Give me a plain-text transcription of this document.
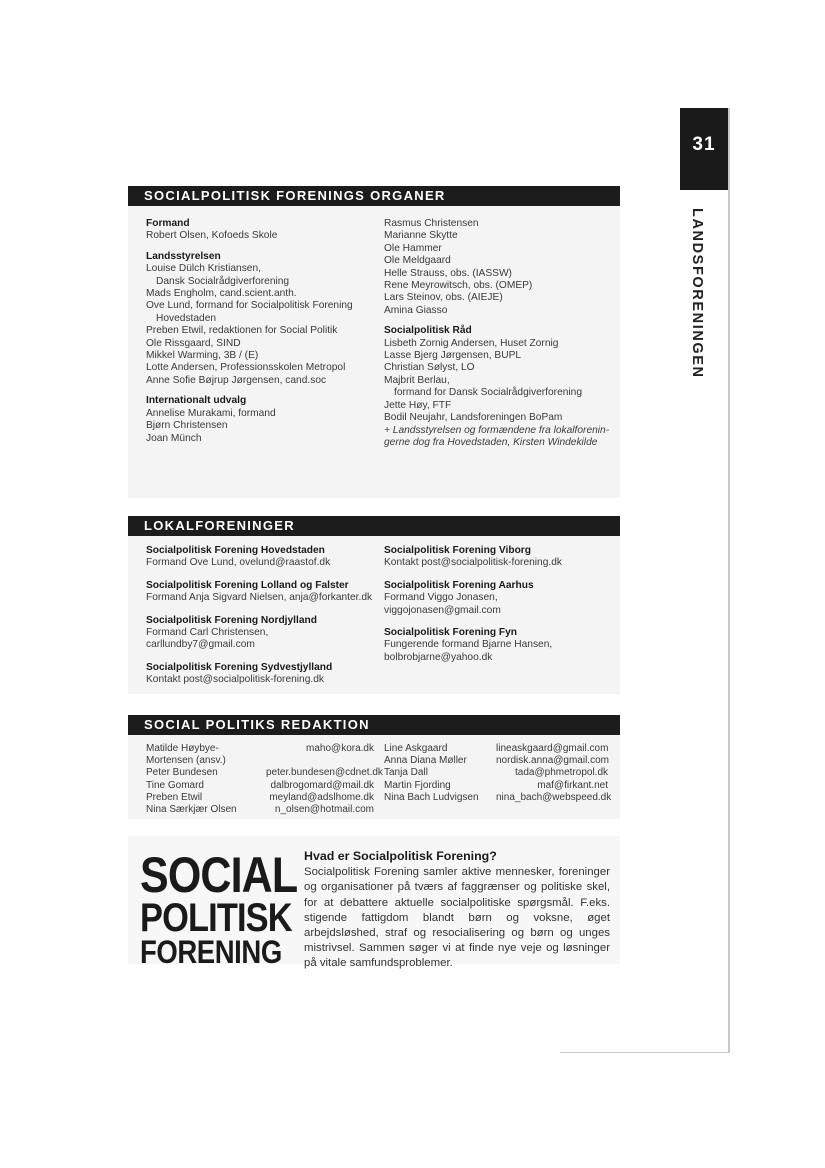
31
LANDSFORENINGEN
SOCIALPOLITISK FORENINGS ORGANER
Formand
Robert Olsen, Kofoeds Skole
Landsstyrelsen
Louise Dülch Kristiansen,
Dansk Socialrådgiverforening
Mads Engholm, cand.scient.anth.
Ove Lund, formand for Socialpolitisk Forening
Hovedstaden
Preben Etwil, redaktionen for Social Politik
Ole Rissgaard, SIND
Mikkel Warming, 3B / (E)
Lotte Andersen, Professionsskolen Metropol
Anne Sofie Bøjrup Jørgensen, cand.soc
Internationalt udvalg
Annelise Murakami, formand
Bjørn Christensen
Joan Münch
Rasmus Christensen
Marianne Skytte
Ole Hammer
Ole Meldgaard
Helle Strauss, obs. (IASSW)
Rene Meyrowitsch, obs. (OMEP)
Lars Steinov, obs. (AIEJE)
Amina Giasso
Socialpolitisk Råd
Lisbeth Zornig Andersen, Huset Zornig
Lasse Bjerg Jørgensen, BUPL
Christian Sølyst, LO
Majbrit Berlau,
formand for Dansk Socialrådgiverforening
Jette Høy, FTF
Bodil Neujahr, Landsforeningen BoPam
+ Landsstyrelsen og formændene fra lokalforenin-
gerne dog fra Hovedstaden, Kirsten Windekilde
LOKALFORENINGER
Socialpolitisk Forening Hovedstaden
Formand Ove Lund, ovelund@raastof.dk
Socialpolitisk Forening Lolland og Falster
Formand Anja Sigvard Nielsen, anja@forkanter.dk
Socialpolitisk Forening Nordjylland
Formand Carl Christensen, carllundby7@gmail.com
Socialpolitisk Forening Sydvestjylland
Kontakt post@socialpolitisk-forening.dk
Socialpolitisk Forening Viborg
Kontakt post@socialpolitisk-forening.dk
Socialpolitisk Forening Aarhus
Formand Viggo Jonasen, viggojonasen@gmail.com
Socialpolitisk Forening Fyn
Fungerende formand Bjarne Hansen,
bolbrobjarne@yahoo.dk
SOCIAL POLITIKS REDAKTION
Matilde Høybye-Mortensen (ansv.)
maho@kora.dk
Peter Bundesen	peter.bundesen@cdnet.dk
Tine Gomard	dalbrogomard@mail.dk
Preben Etwil	meyland@adslhome.dk
Nina Særkjær Olsen	n_olsen@hotmail.com
Line Askgaard	lineaskgaard@gmail.com
Anna Diana Møller	nordisk.anna@gmail.com
Tanja Dall	tada@phmetropol.dk
Martin Fjording	maf@firkant.net
Nina Bach Ludvigsen	nina_bach@webspeed.dk
SOCIAL
POLITISK
FORENING
Hvad er Socialpolitisk Forening?
Socialpolitisk Forening samler aktive mennesker, foreninger og organisationer på tværs af faggrænser og politiske skel, for at debattere aktuelle socialpolitiske spørgsmål. F.eks. stigende fattigdom blandt børn og voksne, øget arbejdsløshed, straf og resocialisering og børn og unges mistrivsel. Sammen søger vi at finde nye veje og løsninger på vitale samfundsproblemer.
